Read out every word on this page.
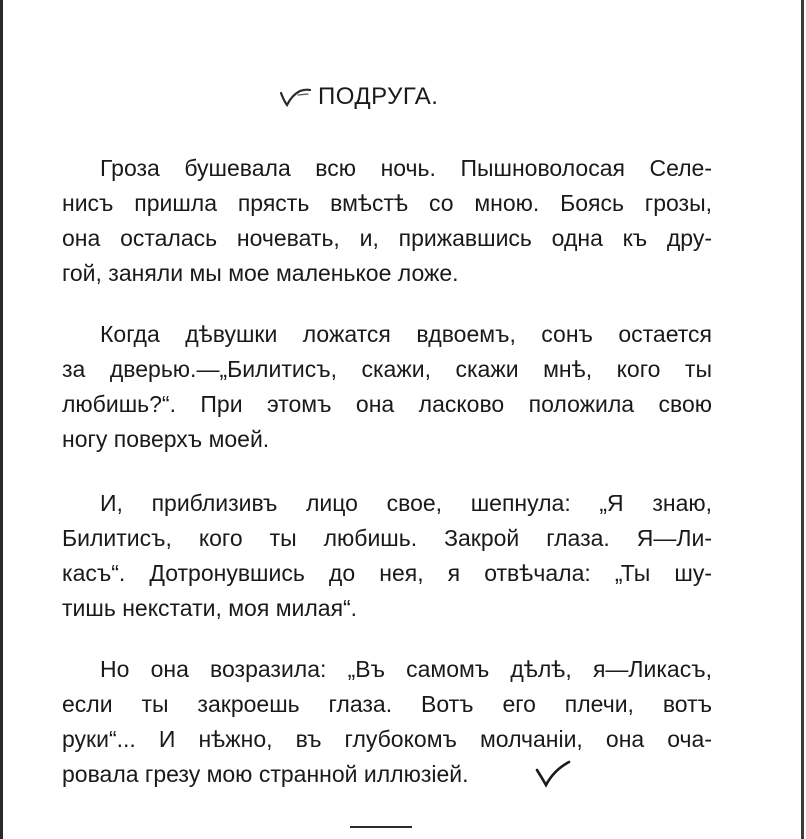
ПОДРУГА.
Гроза бушевала всю ночь. Пышноволосая Селе-
нисъ пришла прясть вмѣстѣ со мною. Боясь грозы,
она осталась ночевать, и, прижавшись одна къ дру-
гой, заняли мы мое маленькое ложе.
Когда дѣвушки ложатся вдвоемъ, сонъ остается
за дверью.—„Билитисъ, скажи, скажи мнѣ, кого ты
любишь?“. При этомъ она ласково положила свою
ногу поверхъ моей.
И, приблизивъ лицо свое, шепнула: „Я знаю,
Билитисъ, кого ты любишь. Закрой глаза. Я—Ли-
касъ“. Дотронувшись до нея, я отвѣчала: „Ты шу-
тишь некстати, моя милая“.
Но она возразила: „Въ самомъ дѣлѣ, я—Ликасъ,
если ты закроешь глаза. Вотъ его плечи, вотъ
руки“... И нѣжно, въ глубокомъ молчанiи, она оча-
ровала грезу мою странной иллюзiей.
